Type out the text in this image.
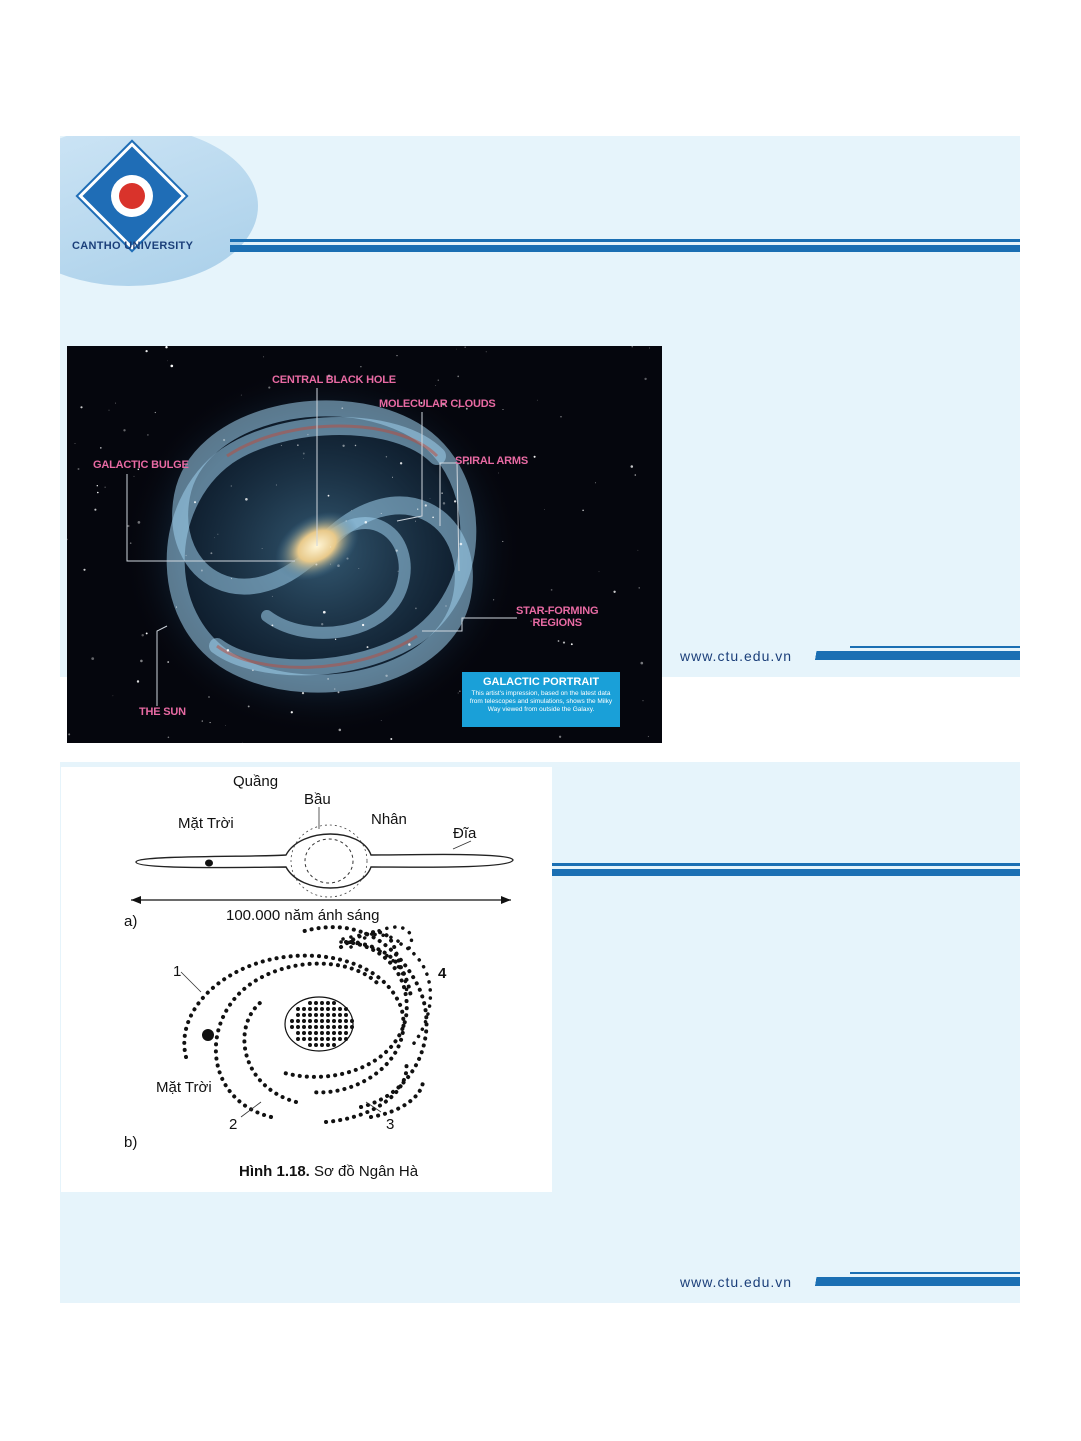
CANTHO UNIVERSITY
www.ctu.edu.vn
www.ctu.edu.vn
CENTRAL BLACK HOLE
MOLECULAR CLOUDS
GALACTIC BULGE	SPIRAL ARMS
STAR-FORMING
REGIONS
THE SUN
GALACTIC PORTRAIT
This artist's impression, based on the latest data from telescopes and simulations, shows the Milky Way viewed from outside the Galaxy.
Quầng
Bầu
Mặt Trời	Nhân
Đĩa
a)	100.000 năm ánh sáng
1	4
Mặt Trời
2	3
b)
Hình 1.18. Sơ đồ Ngân Hà
